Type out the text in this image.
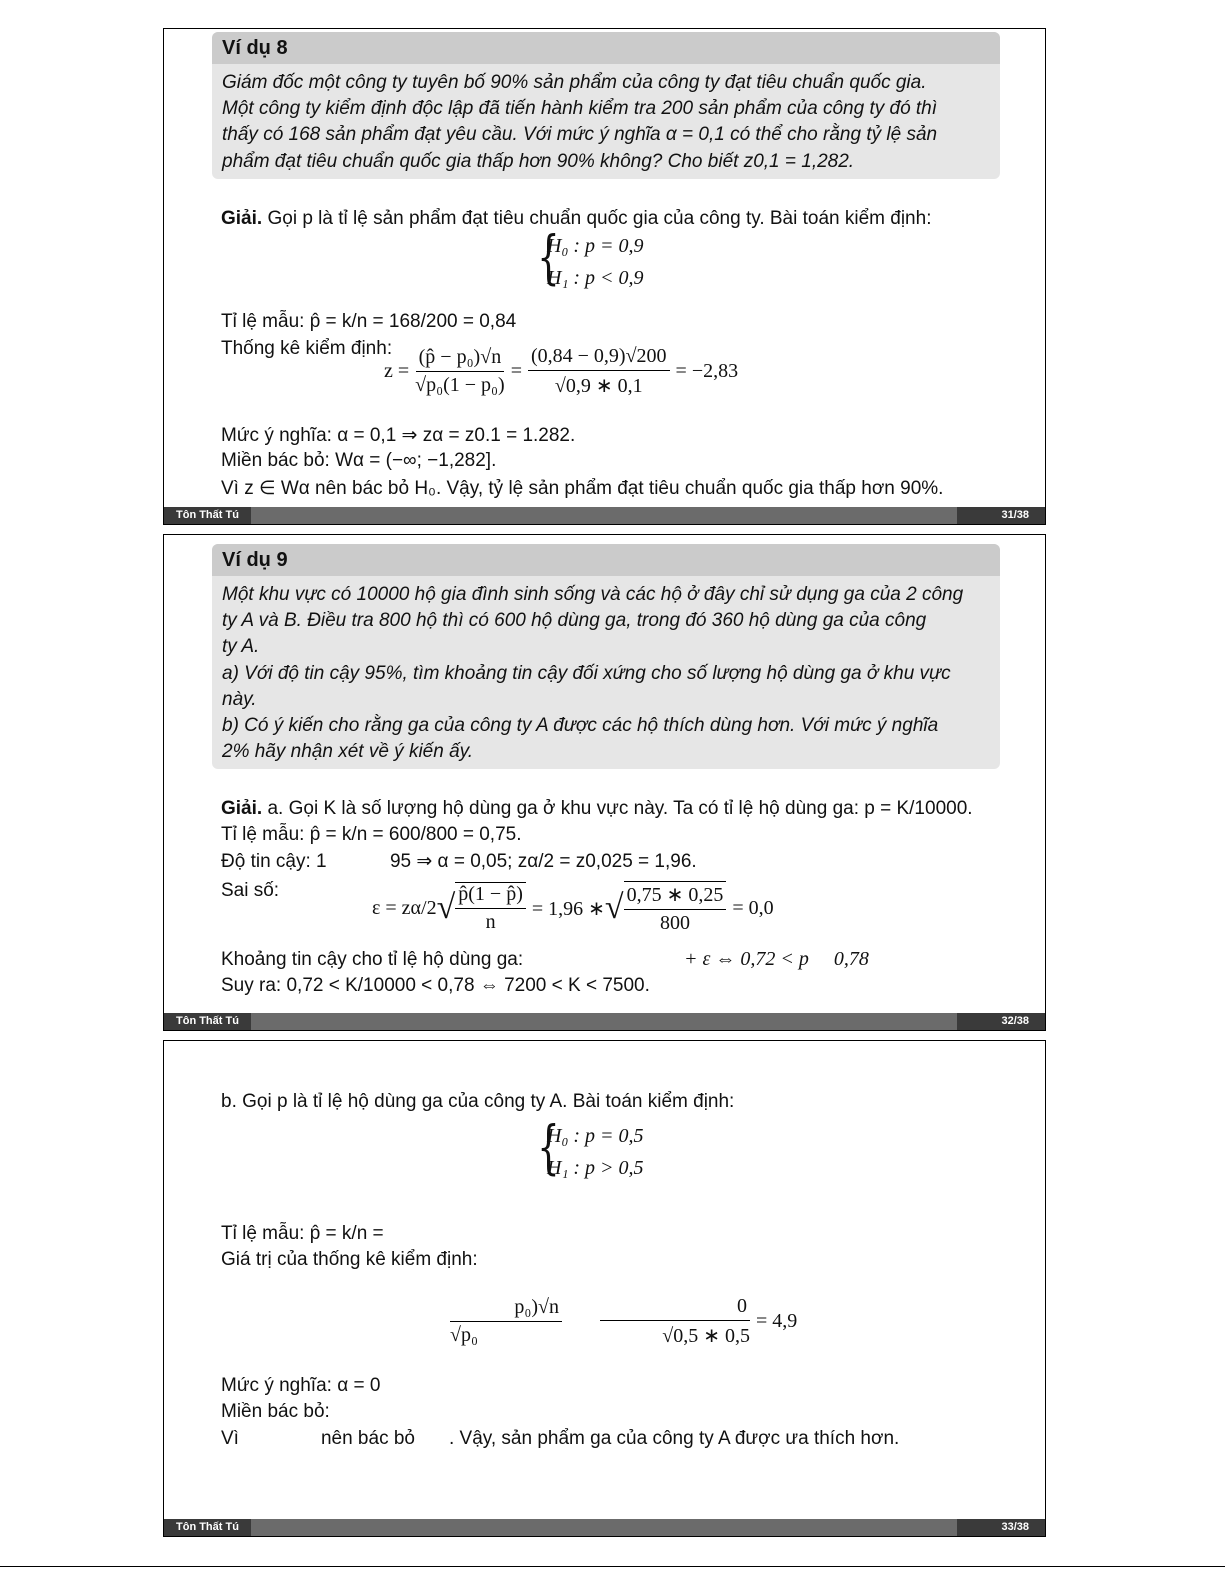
Ví dụ 8
Giám đốc một công ty tuyên bố 90% sản phẩm của công ty đạt tiêu chuẩn quốc gia.
Một công ty kiểm định độc lập đã tiến hành kiểm tra 200 sản phẩm của công ty đó thì
thấy có 168 sản phẩm đạt yêu cầu. Với mức ý nghĩa α = 0,1 có thể cho rằng tỷ lệ sản
phẩm đạt tiêu chuẩn quốc gia thấp hơn 90% không? Cho biết z0,1 = 1,282.
Giải. Gọi p là tỉ lệ sản phẩm đạt tiêu chuẩn quốc gia của công ty. Bài toán kiểm định:
{
H₀ : p = 0,9
H₁ : p < 0,9
Tỉ lệ mẫu: p̂ = k/n = 168/200 = 0,84
Thống kê kiểm định:
$z = \frac{\text{(p̂ − p₀)√n}}{\text{√p₀(1 − p₀)}} = \frac{(0,84 - 0,9)√200}{√0,9 ∗ 0,1} = -2,83$
Mức ý nghĩa: α = 0,1 ⇒ zα = z0.1 = 1.282.
Miền bác bỏ: Wα = (−∞; −1,282].
Vì z ∈ Wα nên bác bỏ H₀. Vậy, tỷ lệ sản phẩm đạt tiêu chuẩn quốc gia thấp hơn 90%.
Tôn Thất Tú	31/38
Ví dụ 9
Một khu vực có 10000 hộ gia đình sinh sống và các hộ ở đây chỉ sử dụng ga của 2 công
ty A và B. Điều tra 800 hộ thì có 600 hộ dùng ga, trong đó 360 hộ dùng ga của công
ty A.
a) Với độ tin cậy 95%, tìm khoảng tin cậy đối xứng cho số lượng hộ dùng ga ở khu vực
này.
b) Có ý kiến cho rằng ga của công ty A được các hộ thích dùng hơn. Với mức ý nghĩa
2% hãy nhận xét về ý kiến ấy.
Giải. a. Gọi K là số lượng hộ dùng ga ở khu vực này. Ta có tỉ lệ hộ dùng ga: p = K/10000.
Tỉ lệ mẫu: p̂ = k/n = 600/800 = 0,75.
Độ tin cậy: 1            95 ⇒ α = 0,05; zα/2 = z0,025 = 1,96.
Sai số:
ε = zα/2 √ $\frac{p̂(1 - p̂)}{n} = 1,96$ ∗ √ $\frac{0,75 ∗ 0,25}{800} = 0,0$
Khoảng tin cậy cho tỉ lệ hộ dùng ga:	+ ε ⇔ 0,72 < p     0,78
Suy ra: 0,72 < K/10000 < 0,78 ⇔ 7200 < K < 7500.
Tôn Thất Tú	32/38
b. Gọi p là tỉ lệ hộ dùng ga của công ty A. Bài toán kiểm định:
{
H₀ : p = 0,5
H₁ : p > 0,5
Tỉ lệ mẫu: p̂ = k/n =
Giá trị của thống kê kiểm định:
$\frac{\text{p₀)√n}}{\text{√p₀}} \frac{0}{√0,5 ∗ 0,5} = 4,9$
Mức ý nghĩa: α = 0
Miền bác bỏ:
Vì	nên bác bỏ . Vậy, sản phẩm ga của công ty A được ưa thích hơn.
Tôn Thất Tú	33/38
